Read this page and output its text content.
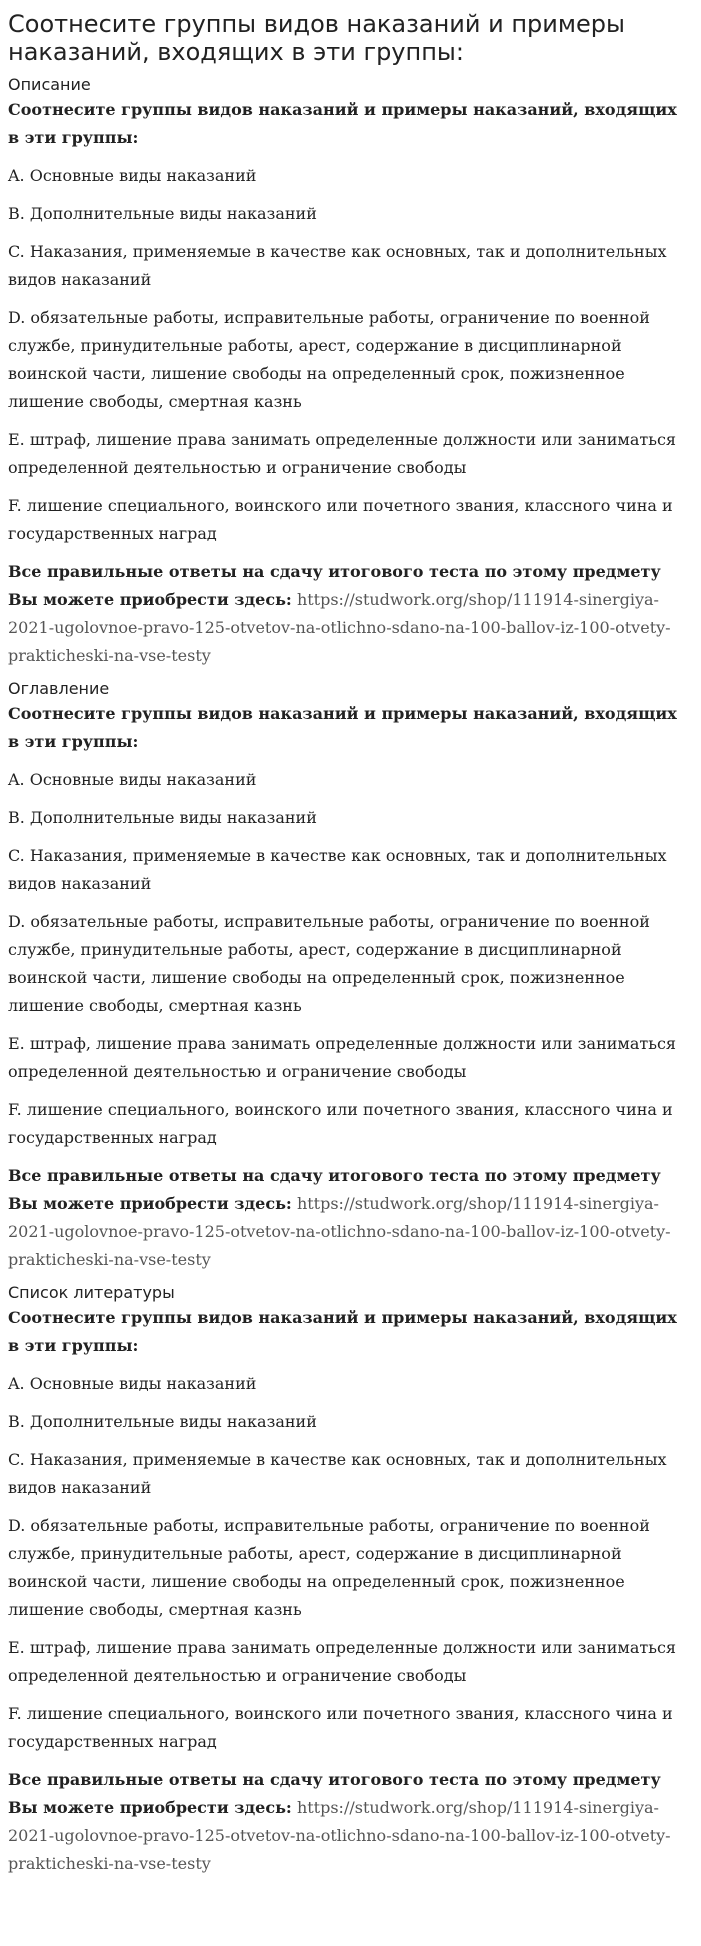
Соотнесите группы видов наказаний и примеры наказаний, входящих в эти группы:
Описание

Соотнесите группы видов наказаний и примеры наказаний, входящих в эти группы:

A. Основные виды наказаний

B. Дополнительные виды наказаний

C. Наказания, применяемые в качестве как основных, так и дополнительных видов наказаний

D. обязательные работы, исправительные работы, ограничение по военной службе, принудительные работы, арест, содержание в дисциплинарной воинской части, лишение свободы на определенный срок, пожизненное лишение свободы, смертная казнь

E. штраф, лишение права занимать определенные должности или заниматься определенной деятельностью и ограничение свободы

F. лишение специального, воинского или почетного звания, классного чина и государственных наград

Все правильные ответы на сдачу итогового теста по этому предмету Вы можете приобрести здесь: https://studwork.org/shop/111914-sinergiya-2021-ugolovnoe-pravo-125-otvetov-na-otlichno-sdano-na-100-ballov-iz-100-otvety-prakticheski-na-vse-testy

Оглавление

Соотнесите группы видов наказаний и примеры наказаний, входящих в эти группы:

A. Основные виды наказаний

B. Дополнительные виды наказаний

C. Наказания, применяемые в качестве как основных, так и дополнительных видов наказаний

D. обязательные работы, исправительные работы, ограничение по военной службе, принудительные работы, арест, содержание в дисциплинарной воинской части, лишение свободы на определенный срок, пожизненное лишение свободы, смертная казнь

E. штраф, лишение права занимать определенные должности или заниматься определенной деятельностью и ограничение свободы

F. лишение специального, воинского или почетного звания, классного чина и государственных наград

Все правильные ответы на сдачу итогового теста по этому предмету Вы можете приобрести здесь: https://studwork.org/shop/111914-sinergiya-2021-ugolovnoe-pravo-125-otvetov-na-otlichno-sdano-na-100-ballov-iz-100-otvety-prakticheski-na-vse-testy

Список литературы

Соотнесите группы видов наказаний и примеры наказаний, входящих в эти группы:

A. Основные виды наказаний

B. Дополнительные виды наказаний

C. Наказания, применяемые в качестве как основных, так и дополнительных видов наказаний

D. обязательные работы, исправительные работы, ограничение по военной службе, принудительные работы, арест, содержание в дисциплинарной воинской части, лишение свободы на определенный срок, пожизненное лишение свободы, смертная казнь

E. штраф, лишение права занимать определенные должности или заниматься определенной деятельностью и ограничение свободы

F. лишение специального, воинского или почетного звания, классного чина и государственных наград

Все правильные ответы на сдачу итогового теста по этому предмету Вы можете приобрести здесь: https://studwork.org/shop/111914-sinergiya-2021-ugolovnoe-pravo-125-otvetov-na-otlichno-sdano-na-100-ballov-iz-100-otvety-prakticheski-na-vse-testy
